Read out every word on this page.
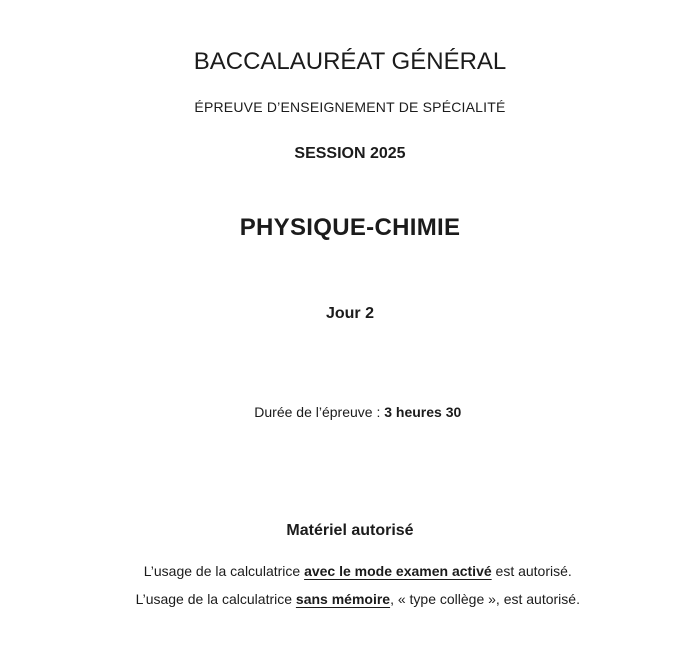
BACCALAURÉAT GÉNÉRAL
ÉPREUVE D’ENSEIGNEMENT DE SPÉCIALITÉ
SESSION 2025
PHYSIQUE-CHIMIE
Jour 2

Durée de l’épreuve : 3 heures 30

Matériel autorisé

L’usage de la calculatrice avec le mode examen activé est autorisé.

L’usage de la calculatrice sans mémoire, « type collège », est autorisé.
